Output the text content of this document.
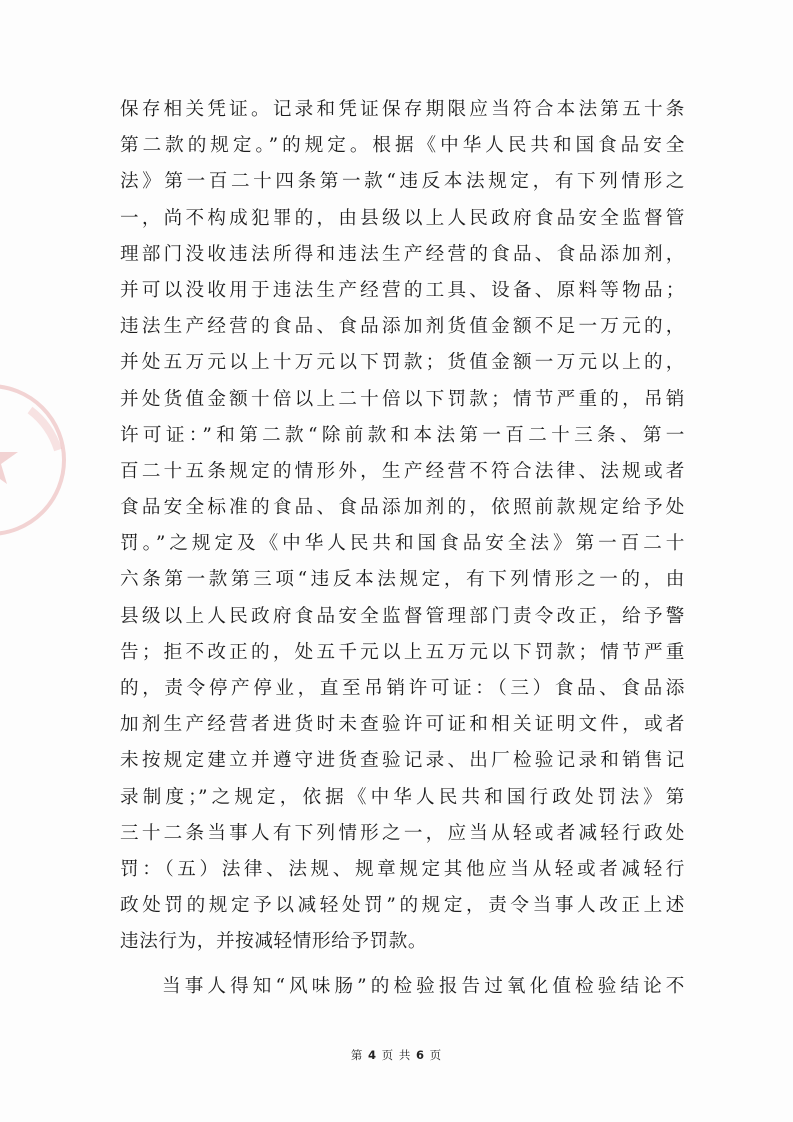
保存相关凭证。记录和凭证保存期限应当符合本法第五十条
第二款的规定。”的规定。根据《中华人民共和国食品安全
法》第一百二十四条第一款“违反本法规定，有下列情形之
一，尚不构成犯罪的，由县级以上人民政府食品安全监督管
理部门没收违法所得和违法生产经营的食品、食品添加剂，
并可以没收用于违法生产经营的工具、设备、原料等物品；
违法生产经营的食品、食品添加剂货值金额不足一万元的，
并处五万元以上十万元以下罚款；货值金额一万元以上的，
并处货值金额十倍以上二十倍以下罚款；情节严重的，吊销
许可证：”和第二款“除前款和本法第一百二十三条、第一
百二十五条规定的情形外，生产经营不符合法律、法规或者
食品安全标准的食品、食品添加剂的，依照前款规定给予处
罚。”之规定及《中华人民共和国食品安全法》第一百二十
六条第一款第三项“违反本法规定，有下列情形之一的，由
县级以上人民政府食品安全监督管理部门责令改正，给予警
告；拒不改正的，处五千元以上五万元以下罚款；情节严重
的，责令停产停业，直至吊销许可证：（三）食品、食品添
加剂生产经营者进货时未查验许可证和相关证明文件，或者
未按规定建立并遵守进货查验记录、出厂检验记录和销售记
录制度；”之规定，依据《中华人民共和国行政处罚法》第
三十二条当事人有下列情形之一，应当从轻或者减轻行政处
罚：（五）法律、法规、规章规定其他应当从轻或者减轻行
政处罚的规定予以减轻处罚”的规定，责令当事人改正上述
违法行为，并按减轻情形给予罚款。
当事人得知“风味肠”的检验报告过氧化值检验结论不
第 4 页 共 6 页
